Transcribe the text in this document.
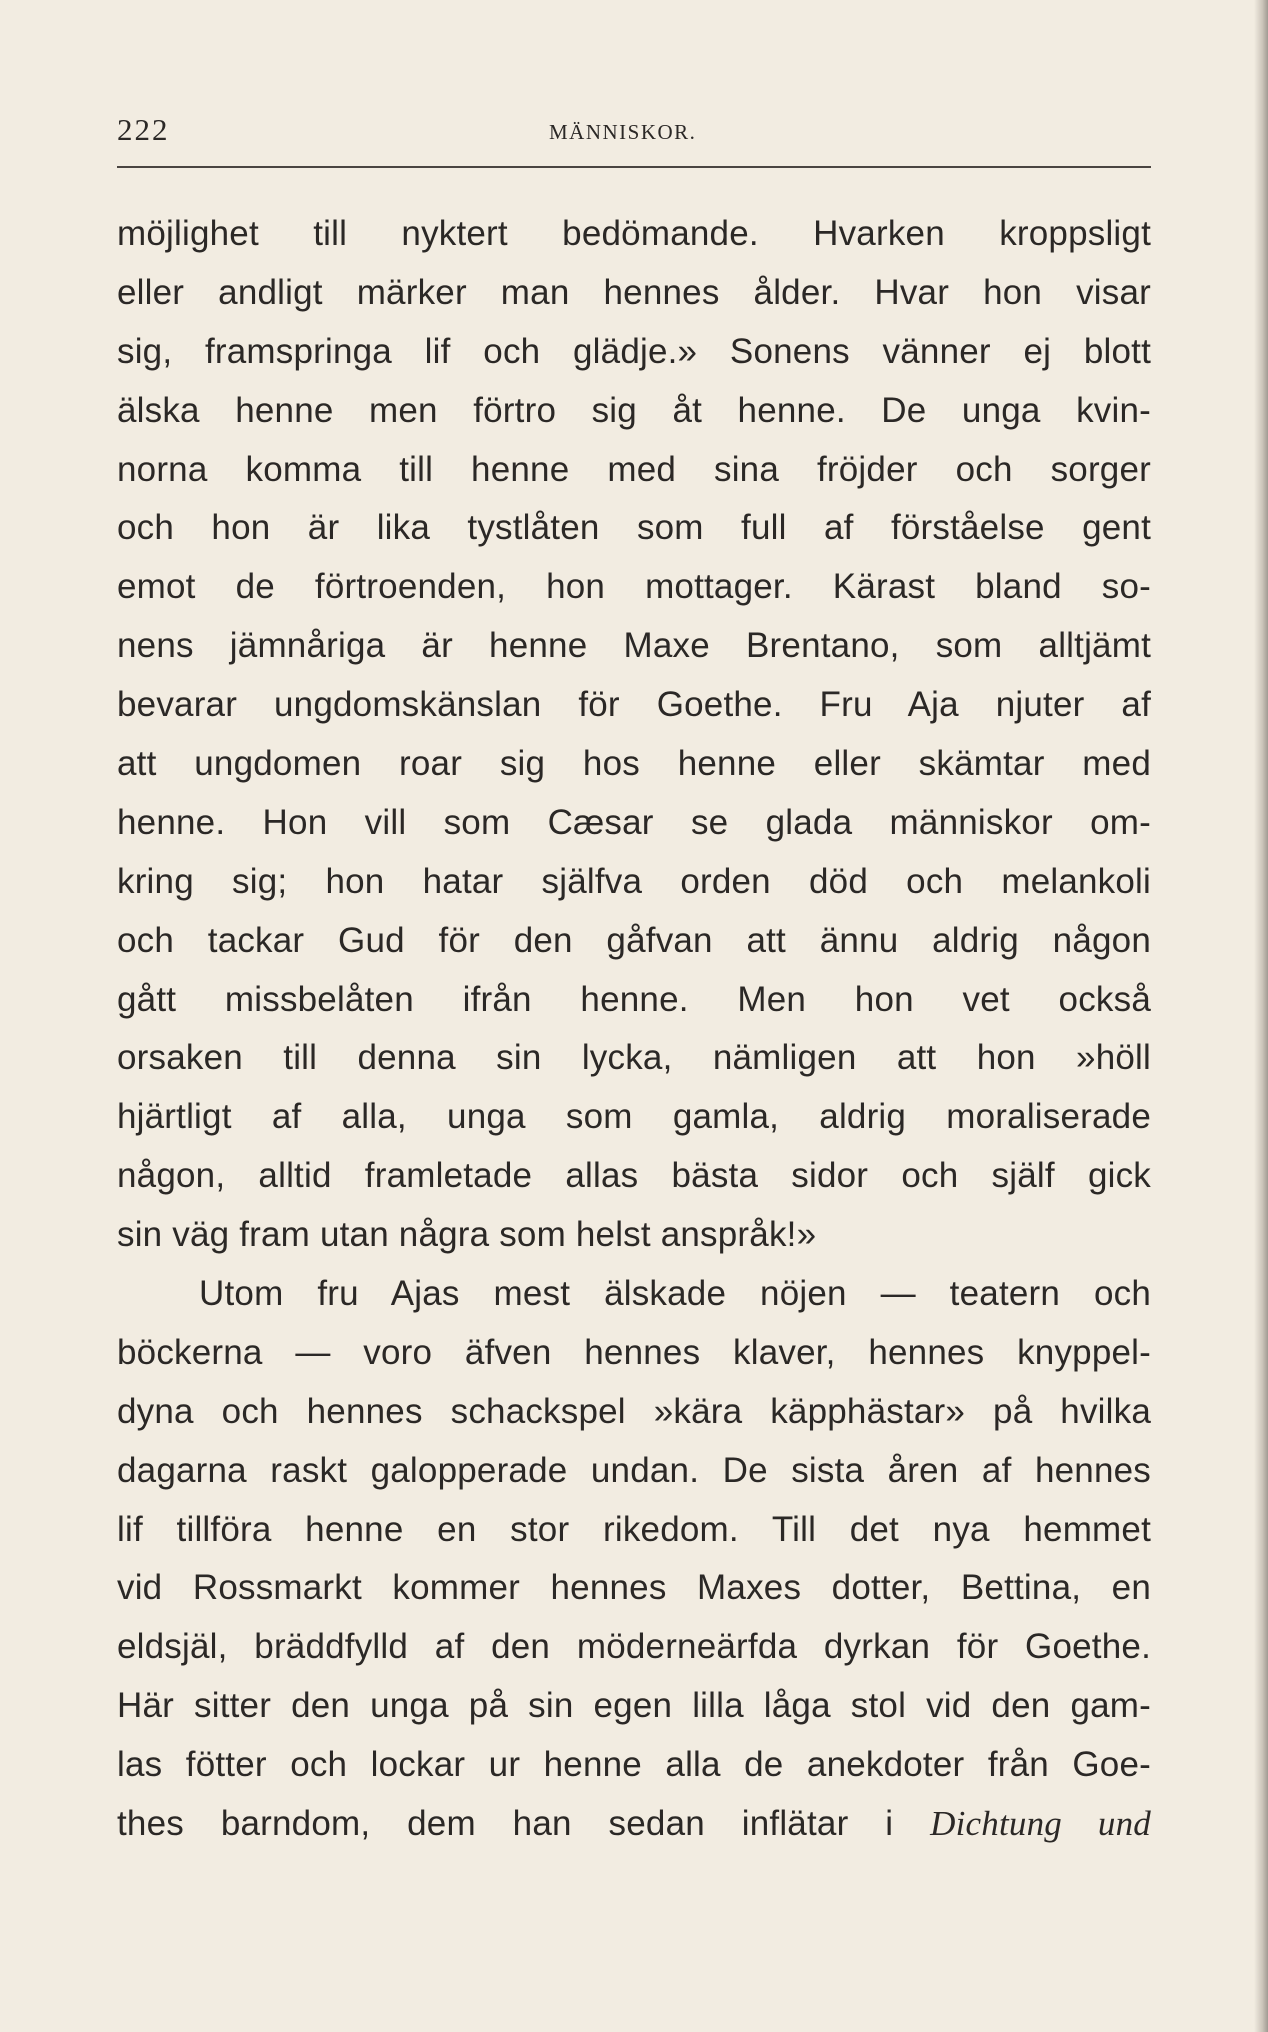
222	MÄNNISKOR.
möjlighet till nyktert bedömande. Hvarken kroppsligt
eller andligt märker man hennes ålder. Hvar hon visar
sig, framspringa lif och glädje.» Sonens vänner ej blott
älska henne men förtro sig åt henne. De unga kvin-
norna komma till henne med sina fröjder och sorger
och hon är lika tystlåten som full af förståelse gent
emot de förtroenden, hon mottager. Kärast bland so-
nens jämnåriga är henne Maxe Brentano, som alltjämt
bevarar ungdomskänslan för Goethe. Fru Aja njuter af
att ungdomen roar sig hos henne eller skämtar med
henne. Hon vill som Cæsar se glada människor om-
kring sig; hon hatar själfva orden död och melankoli
och tackar Gud för den gåfvan att ännu aldrig någon
gått missbelåten ifrån henne. Men hon vet också
orsaken till denna sin lycka, nämligen att hon »höll
hjärtligt af alla, unga som gamla, aldrig moraliserade
någon, alltid framletade allas bästa sidor och själf gick
sin väg fram utan några som helst anspråk!»
Utom fru Ajas mest älskade nöjen — teatern och
böckerna — voro äfven hennes klaver, hennes knyppel-
dyna och hennes schackspel »kära käpphästar» på hvilka
dagarna raskt galopperade undan. De sista åren af hennes
lif tillföra henne en stor rikedom. Till det nya hemmet
vid Rossmarkt kommer hennes Maxes dotter, Bettina, en
eldsjäl, bräddfylld af den möderneärfda dyrkan för Goethe.
Här sitter den unga på sin egen lilla låga stol vid den gam-
las fötter och lockar ur henne alla de anekdoter från Goe-
thes barndom, dem han sedan inflätar i Dichtung und
